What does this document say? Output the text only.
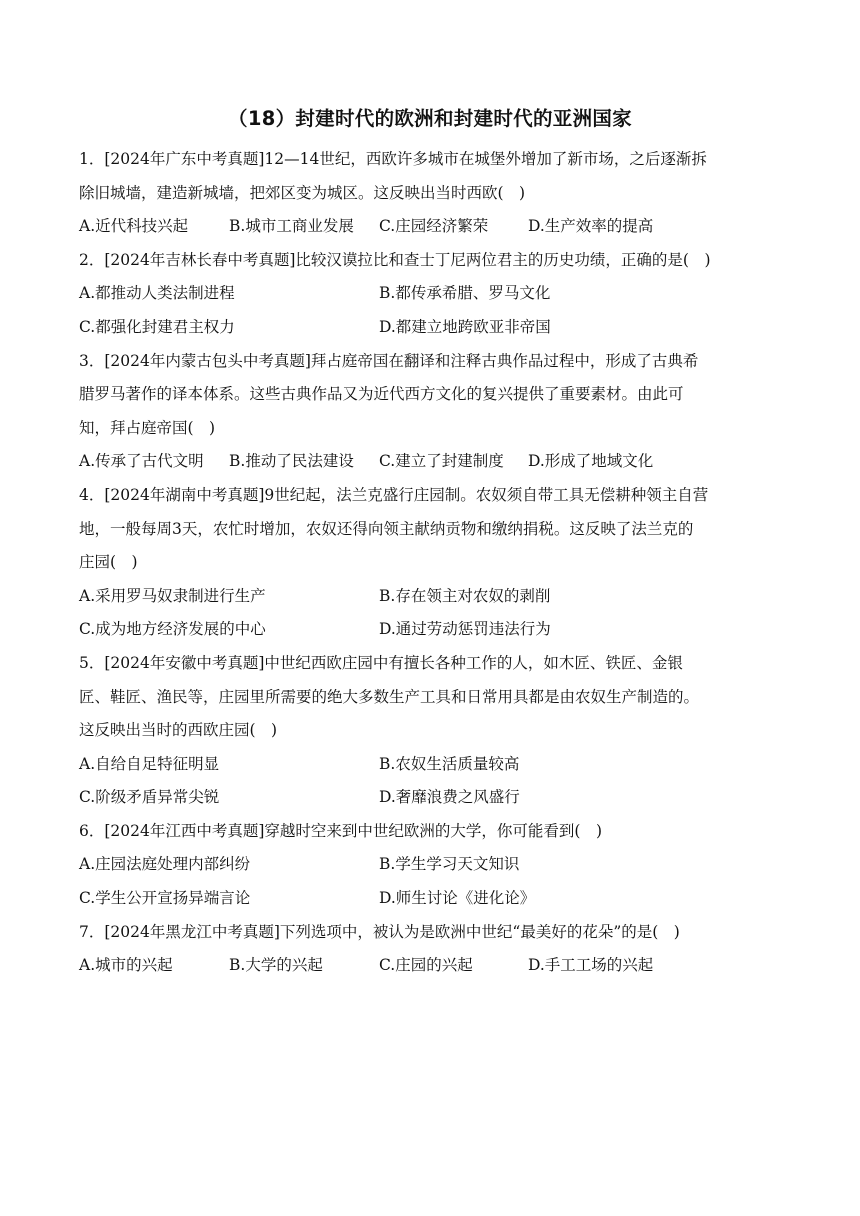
（18）封建时代的欧洲和封建时代的亚洲国家
1．[2024年广东中考真题]12—14世纪，西欧许多城市在城堡外增加了新市场，之后逐渐拆
除旧城墙，建造新城墙，把郊区变为城区。这反映出当时西欧(　)
A.近代科技兴起	B.城市工商业发展 C.庄园经济繁荣	D.生产效率的提高
2．[2024年吉林长春中考真题]比较汉谟拉比和查士丁尼两位君主的历史功绩，正确的是(　)
A.都推动人类法制进程	B.都传承希腊、罗马文化
C.都强化封建君主权力	D.都建立地跨欧亚非帝国
3．[2024年内蒙古包头中考真题]拜占庭帝国在翻译和注释古典作品过程中，形成了古典希
腊罗马著作的译本体系。这些古典作品又为近代西方文化的复兴提供了重要素材。由此可
知，拜占庭帝国(　)
A.传承了古代文明 B.推动了民法建设 C.建立了封建制度 D.形成了地域文化
4．[2024年湖南中考真题]9世纪起，法兰克盛行庄园制。农奴须自带工具无偿耕种领主自营
地，一般每周3天，农忙时增加，农奴还得向领主献纳贡物和缴纳捐税。这反映了法兰克的
庄园(　)
A.采用罗马奴隶制进行生产	B.存在领主对农奴的剥削
C.成为地方经济发展的中心	D.通过劳动惩罚违法行为
5．[2024年安徽中考真题]中世纪西欧庄园中有擅长各种工作的人，如木匠、铁匠、金银
匠、鞋匠、渔民等，庄园里所需要的绝大多数生产工具和日常用具都是由农奴生产制造的。
这反映出当时的西欧庄园(　)
A.自给自足特征明显	B.农奴生活质量较高
C.阶级矛盾异常尖锐	D.奢靡浪费之风盛行
6．[2024年江西中考真题]穿越时空来到中世纪欧洲的大学，你可能看到(　)
A.庄园法庭处理内部纠纷	B.学生学习天文知识
C.学生公开宣扬异端言论	D.师生讨论《进化论》
7．[2024年黑龙江中考真题]下列选项中，被认为是欧洲中世纪“最美好的花朵”的是(　)
A.城市的兴起	B.大学的兴起	C.庄园的兴起	D.手工工场的兴起
